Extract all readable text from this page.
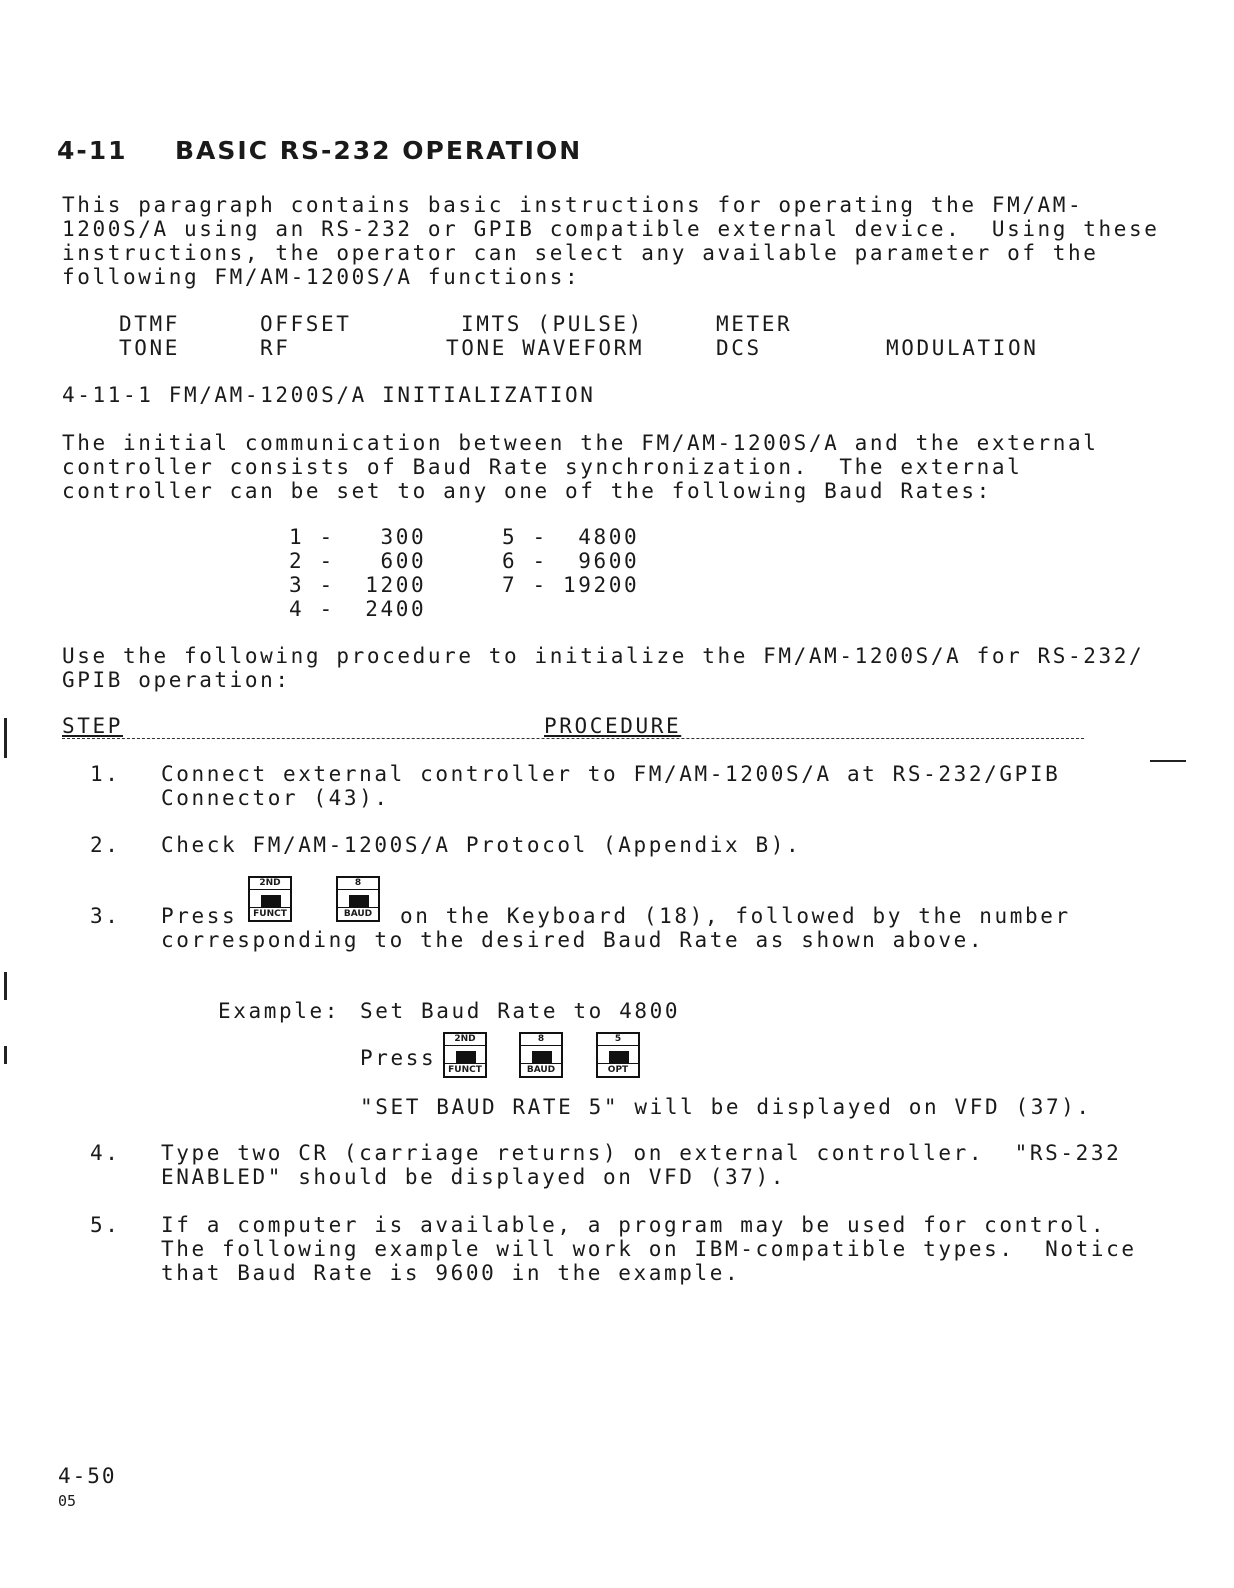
4-11 BASIC RS-232 OPERATION
This paragraph contains basic instructions for operating the FM/AM-
1200S/A using an RS-232 or GPIB compatible external device.  Using these
instructions, the operator can select any available parameter of the
following FM/AM-1200S/A functions:
DTMF	OFFSET	IMTS (PULSE)	METER
TONE	RF	TONE WAVEFORM	DCS	MODULATION
4-11-1 FM/AM-1200S/A INITIALIZATION
The initial communication between the FM/AM-1200S/A and the external
controller consists of Baud Rate synchronization.  The external
controller can be set to any one of the following Baud Rates:
1 -   300
2 -   600
3 -  1200
4 -  2400
5 -  4800
6 -  9600
7 - 19200
Use the following procedure to initialize the FM/AM-1200S/A for RS-232/
GPIB operation:
STEP	PROCEDURE
1. Connect external controller to FM/AM-1200S/A at RS-232/GPIB
Connector (43).
2. Check FM/AM-1200S/A Protocol (Appendix B).
3. Press
2ND
FUNCT
8
BAUD on the Keyboard (18), followed by the number
corresponding to the desired Baud Rate as shown above.
Example: Set Baud Rate to 4800
Press
2ND
FUNCT
8
BAUD
5
OPT
"SET BAUD RATE 5" will be displayed on VFD (37).
4. Type two CR (carriage returns) on external controller.  "RS-232
ENABLED" should be displayed on VFD (37).
5. If a computer is available, a program may be used for control.
The following example will work on IBM-compatible types.  Notice
that Baud Rate is 9600 in the example.
4-50
05
